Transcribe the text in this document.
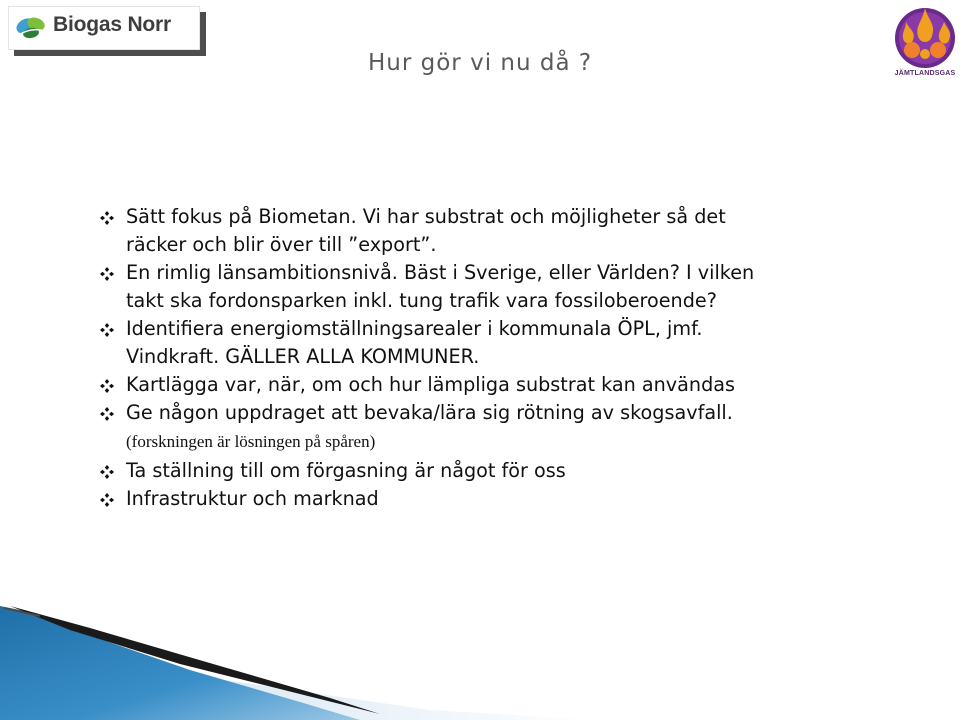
Biogas Norr
JÄMTLANDSGAS
Hur gör vi nu då ?
Sätt fokus på Biometan. Vi har substrat och möjligheter så det
räcker och blir över till ”export”.
En rimlig länsambitionsnivå. Bäst i Sverige, eller Världen? I vilken
takt ska fordonsparken inkl. tung trafik vara fossiloberoende?
Identifiera energiomställningsarealer i kommunala ÖPL, jmf.
Vindkraft. GÄLLER ALLA KOMMUNER.
Kartlägga var, när, om och hur lämpliga substrat kan användas
Ge någon uppdraget att bevaka/lära sig rötning av skogsavfall.
(forskningen är lösningen på spåren)
Ta ställning till om förgasning är något för oss
Infrastruktur och marknad
